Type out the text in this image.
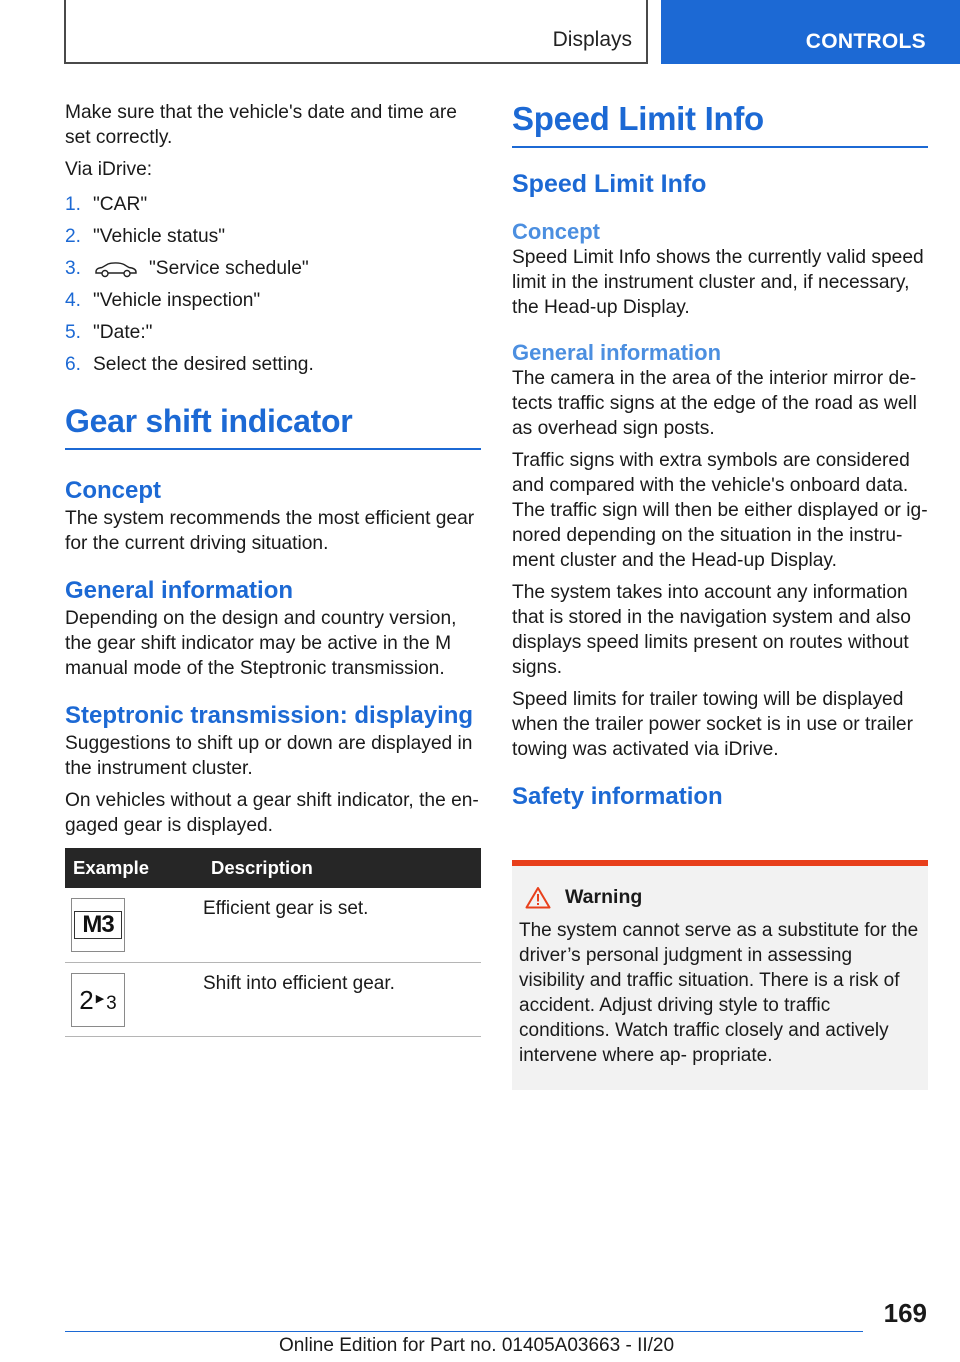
Displays	CONTROLS

Make sure that the vehicle's date and time are set correctly.

Via iDrive:

1. "CAR"
2. "Vehicle status"
3.	"Service schedule"
4. "Vehicle inspection"
5. "Date:"
6. Select the desired setting.
Gear shift indicator
Concept

The system recommends the most efficient gear for the current driving situation.

General information

Depending on the design and country version, the gear shift indicator may be active in the M manual mode of the Steptronic transmission.

Steptronic transmission: displaying

Suggestions to shift up or down are displayed in the instrument cluster.

On vehicles without a gear shift indicator, the en- gaged gear is displayed.

Example	Description

M3	Efficient gear is set.

2 ▶ 3	Shift into efficient gear.
Speed Limit Info
Speed Limit Info
Concept

Speed Limit Info shows the currently valid speed limit in the instrument cluster and, if necessary, the Head-up Display.

General information

The camera in the area of the interior mirror de- tects traffic signs at the edge of the road as well as overhead sign posts.

Traffic signs with extra symbols are considered and compared with the vehicle's onboard data. The traffic sign will then be either displayed or ig- nored depending on the situation in the instru- ment cluster and the Head-up Display.

The system takes into account any information that is stored in the navigation system and also displays speed limits present on routes without signs.

Speed limits for trailer towing will be displayed when the trailer power socket is in use or trailer towing was activated via iDrive.

Safety information
Warning

The system cannot serve as a substitute for the driver’s personal judgment in assessing visibility and traffic situation. There is a risk of accident. Adjust driving style to traffic conditions. Watch traffic closely and actively intervene where ap- propriate.

169
Online Edition for Part no. 01405A03663 - II/20
